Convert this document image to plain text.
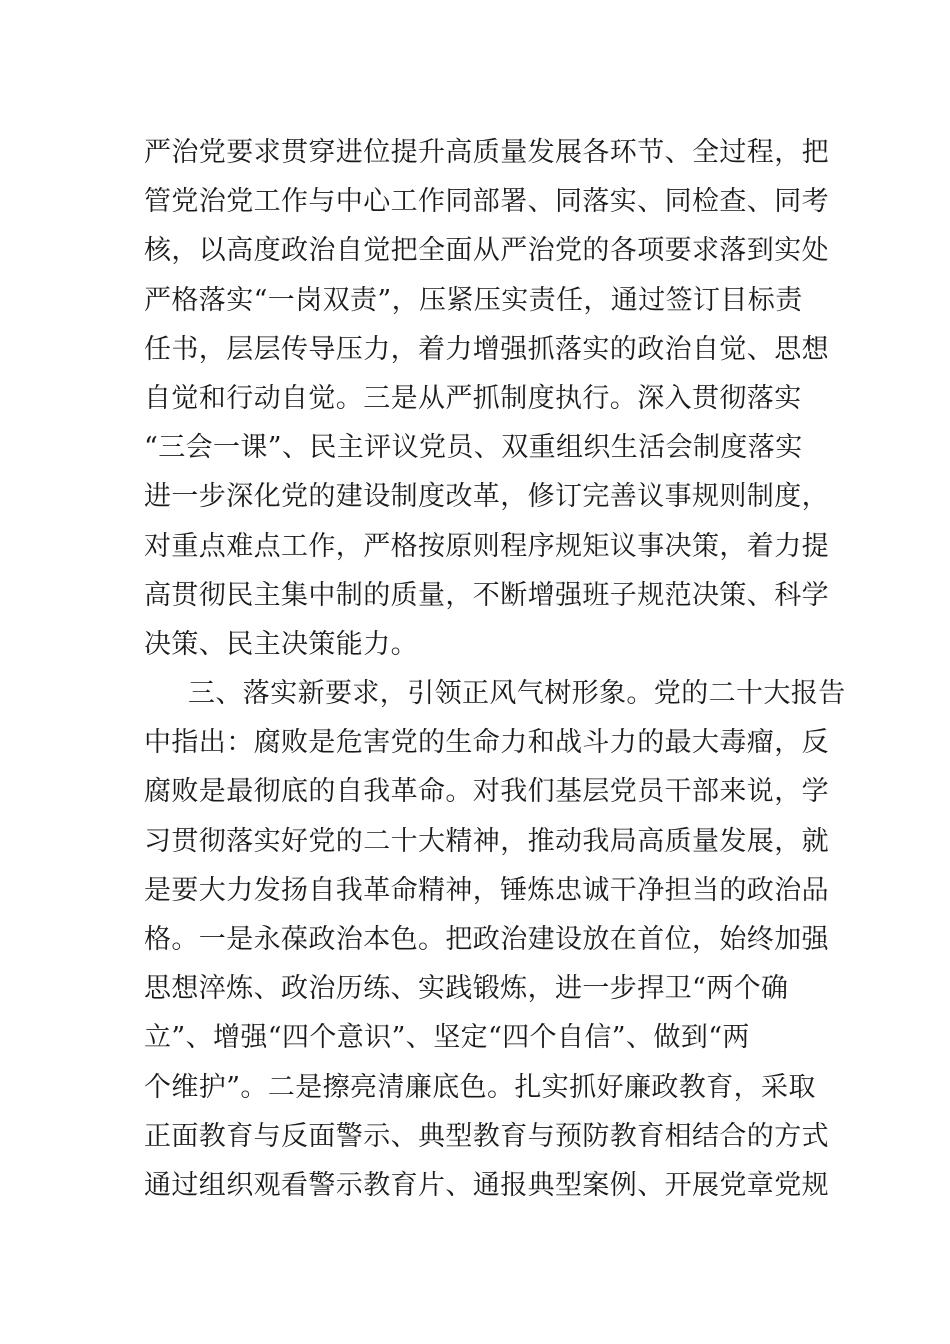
严治党要求贯穿进位提升高质量发展各环节、全过程，把
管党治党工作与中心工作同部署、同落实、同检查、同考
核，以高度政治自觉把全面从严治党的各项要求落到实处
严格落实“一岗双责”，压紧压实责任，通过签订目标责
任书，层层传导压力，着力增强抓落实的政治自觉、思想
自觉和行动自觉。三是从严抓制度执行。深入贯彻落实
“三会一课”、民主评议党员、双重组织生活会制度落实
进一步深化党的建设制度改革，修订完善议事规则制度，
对重点难点工作，严格按原则程序规矩议事决策，着力提
高贯彻民主集中制的质量，不断增强班子规范决策、科学
决策、民主决策能力。
三、落实新要求，引领正风气树形象。党的二十大报告
中指出：腐败是危害党的生命力和战斗力的最大毒瘤，反
腐败是最彻底的自我革命。对我们基层党员干部来说，学
习贯彻落实好党的二十大精神，推动我局高质量发展，就
是要大力发扬自我革命精神，锤炼忠诚干净担当的政治品
格。一是永葆政治本色。把政治建设放在首位，始终加强
思想淬炼、政治历练、实践锻炼，进一步捍卫“两个确
立”、增强“四个意识”、坚定“四个自信”、做到“两
个维护”。二是擦亮清廉底色。扎实抓好廉政教育，采取
正面教育与反面警示、典型教育与预防教育相结合的方式
通过组织观看警示教育片、通报典型案例、开展党章党规
